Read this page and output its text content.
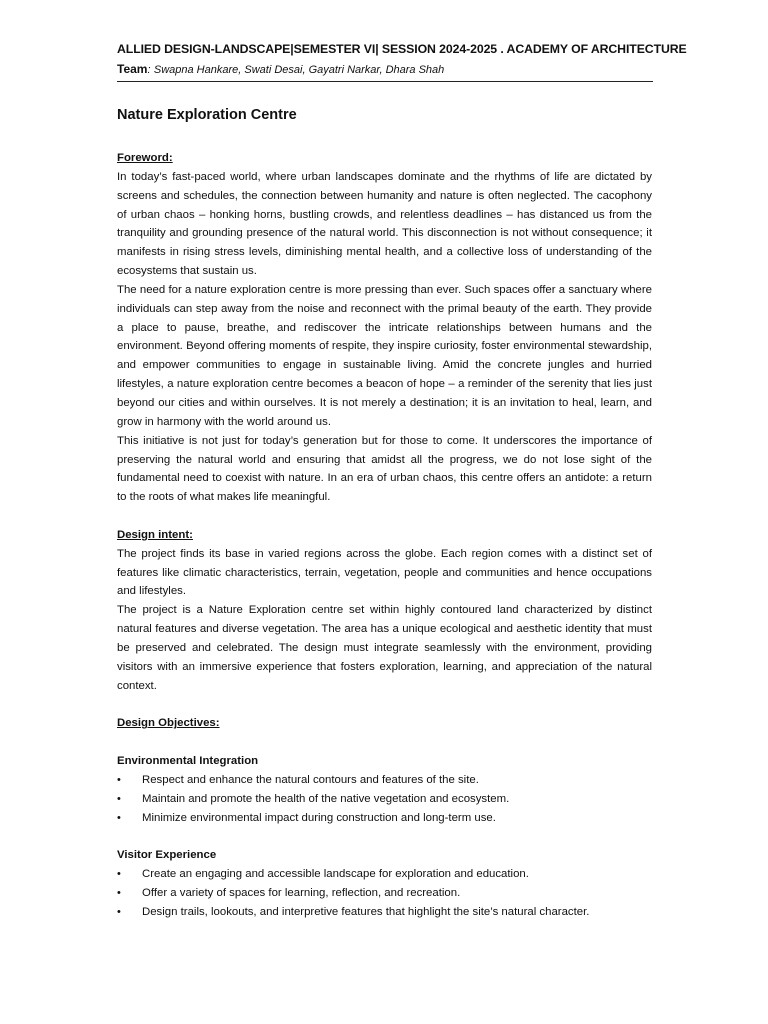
ALLIED DESIGN-LANDSCAPE|SEMESTER VI| SESSION 2024-2025 . ACADEMY OF ARCHITECTURE
Team: Swapna Hankare, Swati Desai, Gayatri Narkar, Dhara Shah
Nature Exploration Centre

Foreword:

In today’s fast-paced world, where urban landscapes dominate and the rhythms of life are dictated by screens and schedules, the connection between humanity and nature is often neglected. The cacophony of urban chaos – honking horns, bustling crowds, and relentless deadlines – has distanced us from the tranquility and grounding presence of the natural world. This disconnection is not without consequence; it manifests in rising stress levels, diminishing mental health, and a collective loss of understanding of the ecosystems that sustain us.

The need for a nature exploration centre is more pressing than ever. Such spaces offer a sanctuary where individuals can step away from the noise and reconnect with the primal beauty of the earth. They provide a place to pause, breathe, and rediscover the intricate relationships between humans and the environment. Beyond offering moments of respite, they inspire curiosity, foster environmental stewardship, and empower communities to engage in sustainable living. Amid the concrete jungles and hurried lifestyles, a nature exploration centre becomes a beacon of hope – a reminder of the serenity that lies just beyond our cities and within ourselves. It is not merely a destination; it is an invitation to heal, learn, and grow in harmony with the world around us.

This initiative is not just for today’s generation but for those to come. It underscores the importance of preserving the natural world and ensuring that amidst all the progress, we do not lose sight of the fundamental need to coexist with nature. In an era of urban chaos, this centre offers an antidote: a return to the roots of what makes life meaningful.

Design intent:

The project finds its base in varied regions across the globe. Each region comes with a distinct set of features like climatic characteristics, terrain, vegetation, people and communities and hence occupations and lifestyles.

The project is a Nature Exploration centre set within highly contoured land characterized by distinct natural features and diverse vegetation. The area has a unique ecological and aesthetic identity that must be preserved and celebrated. The design must integrate seamlessly with the environment, providing visitors with an immersive experience that fosters exploration, learning, and appreciation of the natural context.

Design Objectives:

Environmental Integration

• Respect and enhance the natural contours and features of the site.
• Maintain and promote the health of the native vegetation and ecosystem.
• Minimize environmental impact during construction and long-term use.

Visitor Experience

• Create an engaging and accessible landscape for exploration and education.
• Offer a variety of spaces for learning, reflection, and recreation.
• Design trails, lookouts, and interpretive features that highlight the site’s natural character.
